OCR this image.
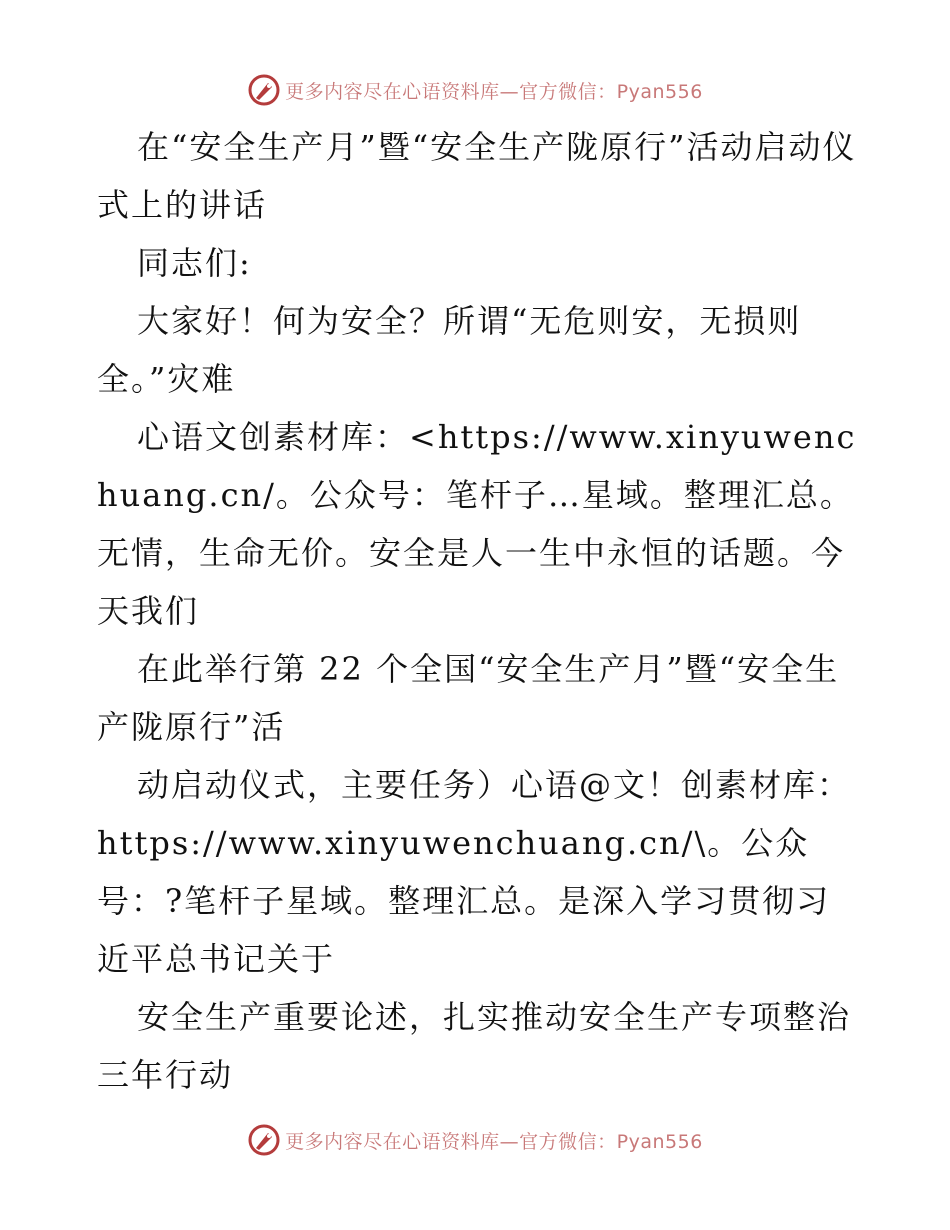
更多内容尽在心语资料库—官方微信：Pyan556

在“安全生产月”暨“安全生产陇原行”活动启动仪式上的讲话

同志们:

大家好！何为安全？所谓“无危则安，无损则全。”灾难

心语文创素材库：<https://www.xinyuwenchuang.cn/。公众号：笔杆子…星域。整理汇总。无情，生命无价。安全是人一生中永恒的话题。今天我们

在此举行第 22 个全国“安全生产月”暨“安全生产陇原行”活

动启动仪式，主要任务）心语@文！创素材库：https://www.xinyuwenchuang.cn/\。公众号：?笔杆子星域。整理汇总。是深入学习贯彻习近平总书记关于

安全生产重要论述，扎实推动安全生产专项整治三年行动

更多内容尽在心语资料库—官方微信：Pyan556
